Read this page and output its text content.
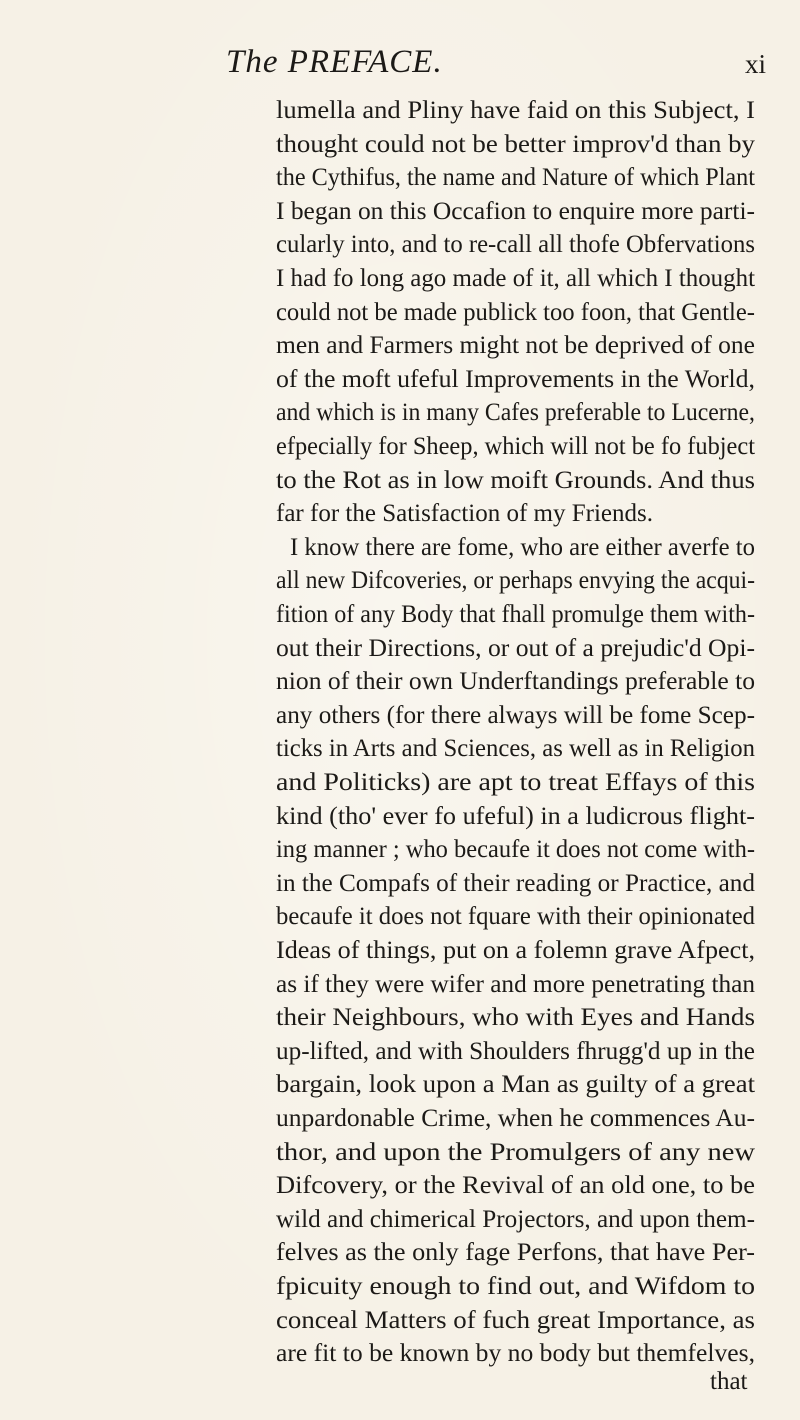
The PREFACE.	xi
lumella and Pliny have faid on this Subject, I
thought could not be better improv'd than by
the Cythifus, the name and Nature of which Plant
I began on this Occafion to enquire more parti-
cularly into, and to re-call all thofe Obfervations
I had fo long ago made of it, all which I thought
could not be made publick too foon, that Gentle-
men and Farmers might not be deprived of one
of the moft ufeful Improvements in the World,
and which is in many Cafes preferable to Lucerne,
efpecially for Sheep, which will not be fo fubject
to the Rot as in low moift Grounds. And thus
far for the Satisfaction of my Friends.
I know there are fome, who are either averfe to
all new Difcoveries, or perhaps envying the acqui-
fition of any Body that fhall promulge them with-
out their Directions, or out of a prejudic'd Opi-
nion of their own Underftandings preferable to
any others (for there always will be fome Scep-
ticks in Arts and Sciences, as well as in Religion
and Politicks) are apt to treat Effays of this
kind (tho' ever fo ufeful) in a ludicrous flight-
ing manner ; who becaufe it does not come with-
in the Compafs of their reading or Practice, and
becaufe it does not fquare with their opinionated
Ideas of things, put on a folemn grave Afpect,
as if they were wifer and more penetrating than
their Neighbours, who with Eyes and Hands
up-lifted, and with Shoulders fhrugg'd up in the
bargain, look upon a Man as guilty of a great
unpardonable Crime, when he commences Au-
thor, and upon the Promulgers of any new
Difcovery, or the Revival of an old one, to be
wild and chimerical Projectors, and upon them-
felves as the only fage Perfons, that have Per-
fpicuity enough to find out, and Wifdom to
conceal Matters of fuch great Importance, as
are fit to be known by no body but themfelves,
that
